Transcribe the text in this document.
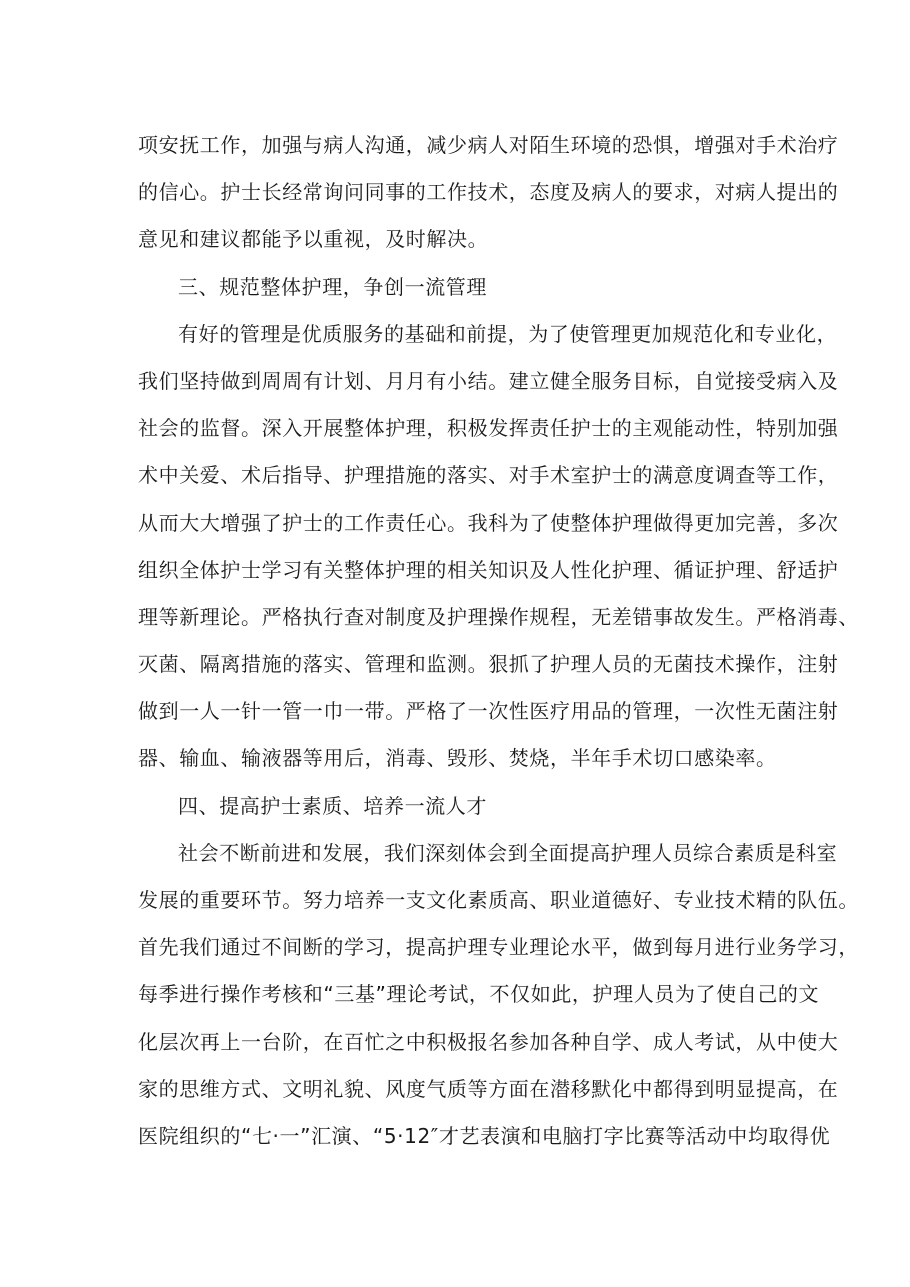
项安抚工作，加强与病人沟通，减少病人对陌生环境的恐惧，增强对手术治疗
的信心。护士长经常询问同事的工作技术，态度及病人的要求，对病人提出的
意见和建议都能予以重视，及时解决。
三、规范整体护理，争创一流管理
有好的管理是优质服务的基础和前提，为了使管理更加规范化和专业化，
我们坚持做到周周有计划、月月有小结。建立健全服务目标，自觉接受病入及
社会的监督。深入开展整体护理，积极发挥责任护士的主观能动性，特别加强
术中关爱、术后指导、护理措施的落实、对手术室护士的满意度调查等工作，
从而大大增强了护士的工作责任心。我科为了使整体护理做得更加完善，多次
组织全体护士学习有关整体护理的相关知识及人性化护理、循证护理、舒适护
理等新理论。严格执行查对制度及护理操作规程，无差错事故发生。严格消毒、
灭菌、隔离措施的落实、管理和监测。狠抓了护理人员的无菌技术操作，注射
做到一人一针一管一巾一带。严格了一次性医疗用品的管理，一次性无菌注射
器、输血、输液器等用后，消毒、毁形、焚烧，半年手术切口感染率。
四、提高护士素质、培养一流人才
社会不断前进和发展，我们深刻体会到全面提高护理人员综合素质是科室
发展的重要环节。努力培养一支文化素质高、职业道德好、专业技术精的队伍。
首先我们通过不间断的学习，提高护理专业理论水平，做到每月进行业务学习，
每季进行操作考核和“三基”理论考试，不仅如此，护理人员为了使自己的文
化层次再上一台阶，在百忙之中积极报名参加各种自学、成人考试，从中使大
家的思维方式、文明礼貌、风度气质等方面在潜移默化中都得到明显提高，在
医院组织的“七·一”汇演、“5·12″才艺表演和电脑打字比赛等活动中均取得优
